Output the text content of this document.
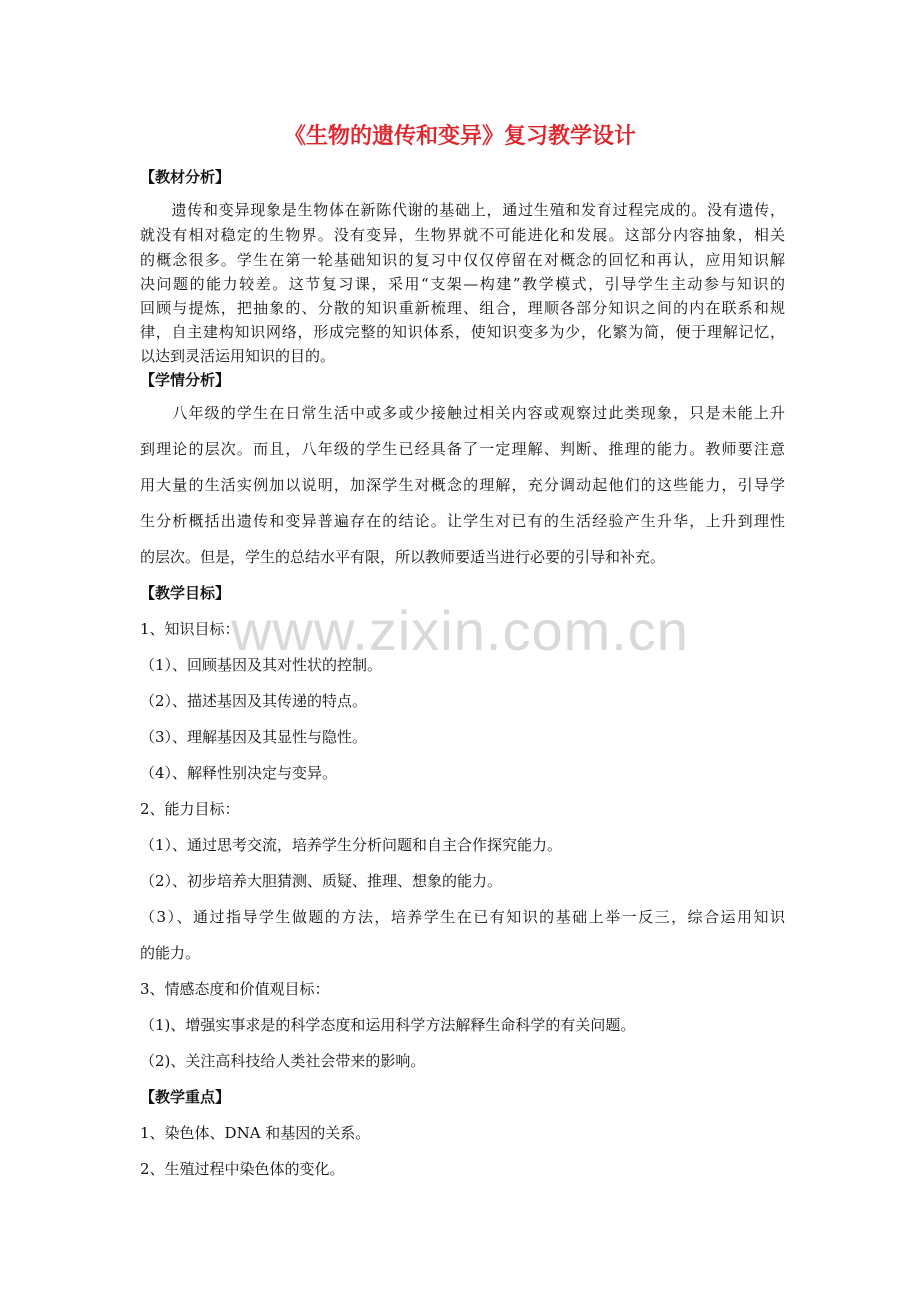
www.zixin.com.cn
《生物的遗传和变异》复习教学设计
【教材分析】
　　遗传和变异现象是生物体在新陈代谢的基础上，通过生殖和发育过程完成的。没有遗传，
就没有相对稳定的生物界。没有变异，生物界就不可能进化和发展。这部分内容抽象，相关
的概念很多。学生在第一轮基础知识的复习中仅仅停留在对概念的回忆和再认，应用知识解
决问题的能力较差。这节复习课，采用“支架—构建”教学模式，引导学生主动参与知识的
回顾与提炼，把抽象的、分散的知识重新梳理、组合，理顺各部分知识之间的内在联系和规
律，自主建构知识网络，形成完整的知识体系，使知识变多为少，化繁为简，便于理解记忆，
以达到灵活运用知识的目的。
【学情分析】
　　八年级的学生在日常生活中或多或少接触过相关内容或观察过此类现象，只是未能上升
到理论的层次。而且，八年级的学生已经具备了一定理解、判断、推理的能力。教师要注意
用大量的生活实例加以说明，加深学生对概念的理解，充分调动起他们的这些能力，引导学
生分析概括出遗传和变异普遍存在的结论。让学生对已有的生活经验产生升华，上升到理性
的层次。但是，学生的总结水平有限，所以教师要适当进行必要的引导和补充。
【教学目标】
1、知识目标：
（1）、回顾基因及其对性状的控制。
（2）、描述基因及其传递的特点。
（3）、理解基因及其显性与隐性。
（4）、解释性别决定与变异。
2、能力目标：
（1）、通过思考交流，培养学生分析问题和自主合作探究能力。
（2）、初步培养大胆猜测、质疑、推理、想象的能力。
（3）、通过指导学生做题的方法，培养学生在已有知识的基础上举一反三，综合运用知识
的能力。
3、情感态度和价值观目标：
（1)、增强实事求是的科学态度和运用科学方法解释生命科学的有关问题。
（2)、关注高科技给人类社会带来的影响。
【教学重点】
1、染色体、DNA 和基因的关系。
2、生殖过程中染色体的变化。
